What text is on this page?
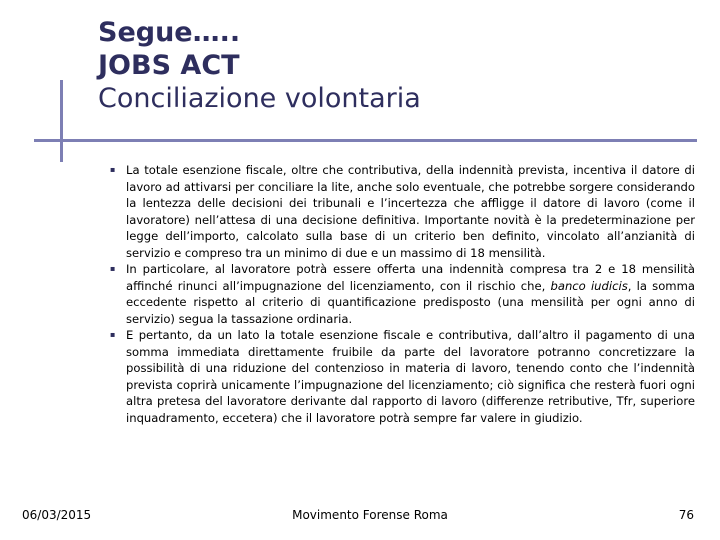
Segue…..
JOBS ACT
Conciliazione volontaria
▪ La totale esenzione fiscale, oltre che contributiva, della indennità prevista, incentiva il datore di lavoro ad attivarsi per conciliare la lite, anche solo eventuale, che potrebbe sorgere considerando la lentezza delle decisioni dei tribunali e l’incertezza che affligge il datore di lavoro (come il lavoratore) nell’attesa di una decisione definitiva. Importante novità è la predeterminazione per legge dell’importo, calcolato sulla base di un criterio ben definito, vincolato all’anzianità di servizio e compreso tra un minimo di due e un massimo di 18 mensilità.
▪ In particolare, al lavoratore potrà essere offerta una indennità compresa tra 2 e 18 mensilità affinché rinunci all’impugnazione del licenziamento, con il rischio che, banco iudicis, la somma eccedente rispetto al criterio di quantificazione predisposto (una mensilità per ogni anno di servizio) segua la tassazione ordinaria.
▪ E pertanto, da un lato la totale esenzione fiscale e contributiva, dall’altro il pagamento di una somma immediata direttamente fruibile da parte del lavoratore potranno concretizzare la possibilità di una riduzione del contenzioso in materia di lavoro, tenendo conto che l’indennità prevista coprirà unicamente l’impugnazione del licenziamento; ciò significa che resterà fuori ogni altra pretesa del lavoratore derivante dal rapporto di lavoro (differenze retributive, Tfr, superiore inquadramento, eccetera) che il lavoratore potrà sempre far valere in giudizio.
06/03/2015	Movimento Forense Roma	76
